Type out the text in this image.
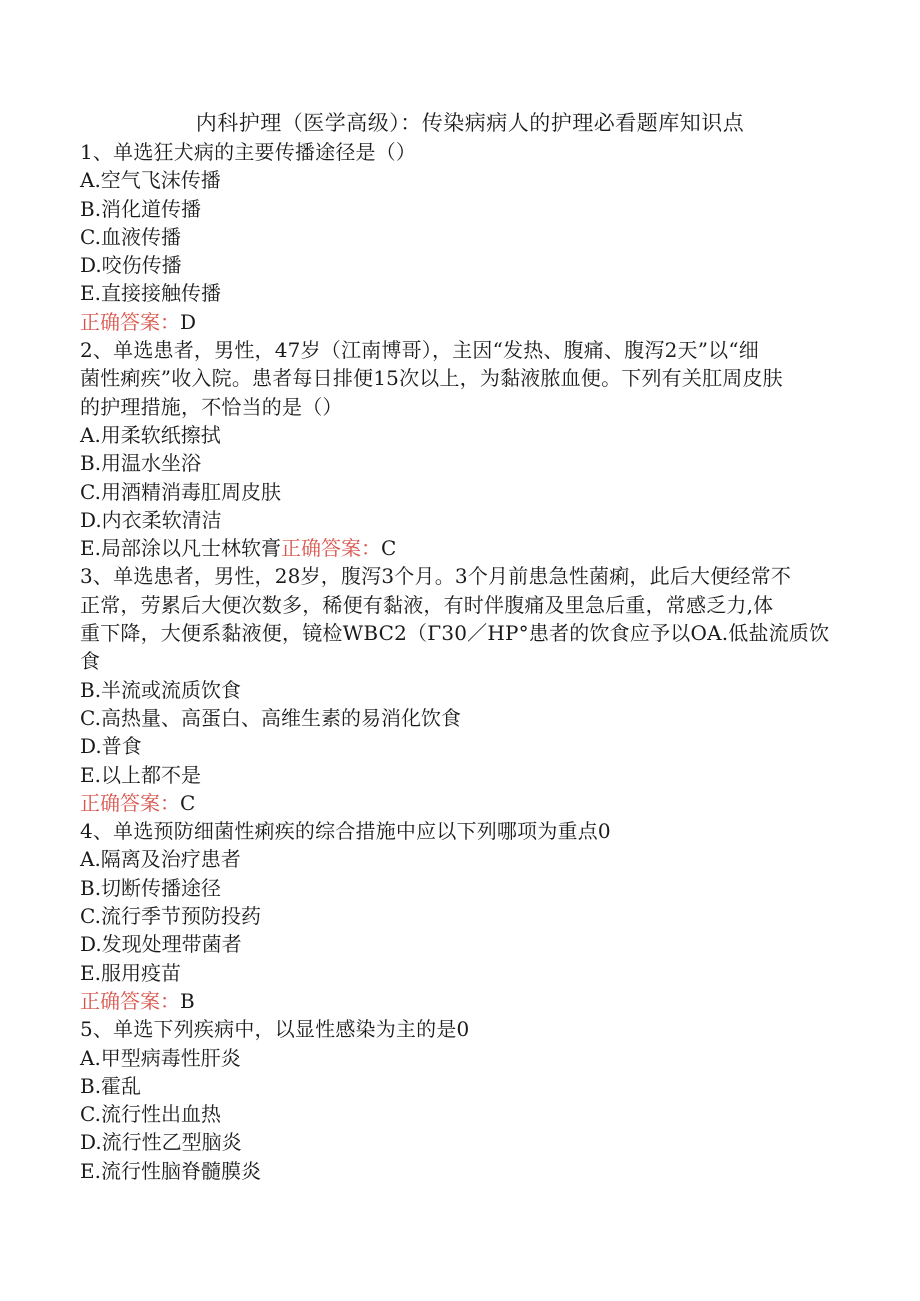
内科护理（医学高级）：传染病病人的护理必看题库知识点
1、单选狂犬病的主要传播途径是（）
A.空气飞沫传播
B.消化道传播
C.血液传播
D.咬伤传播
E.直接接触传播
正确答案：D
2、单选患者，男性，47岁（江南博哥），主因“发热、腹痛、腹泻2天”以“细
菌性痢疾”收入院。患者每日排便15次以上，为黏液脓血便。下列有关肛周皮肤
的护理措施，不恰当的是（）
A.用柔软纸擦拭
B.用温水坐浴
C.用酒精消毒肛周皮肤
D.内衣柔软清洁
E.局部涂以凡士林软膏正确答案：C
3、单选患者，男性，28岁，腹泻3个月。3个月前患急性菌痢，此后大便经常不
正常，劳累后大便次数多，稀便有黏液，有时伴腹痛及里急后重，常感乏力,体
重下降，大便系黏液便，镜检WBC2（Γ30／HP°患者的饮食应予以OA.低盐流质饮
食
B.半流或流质饮食
C.高热量、高蛋白、高维生素的易消化饮食
D.普食
E.以上都不是
正确答案：C
4、单选预防细菌性痢疾的综合措施中应以下列哪项为重点0
A.隔离及治疗患者
B.切断传播途径
C.流行季节预防投药
D.发现处理带菌者
E.服用疫苗
正确答案：B
5、单选下列疾病中，以显性感染为主的是0
A.甲型病毒性肝炎
B.霍乱
C.流行性出血热
D.流行性乙型脑炎
E.流行性脑脊髓膜炎
